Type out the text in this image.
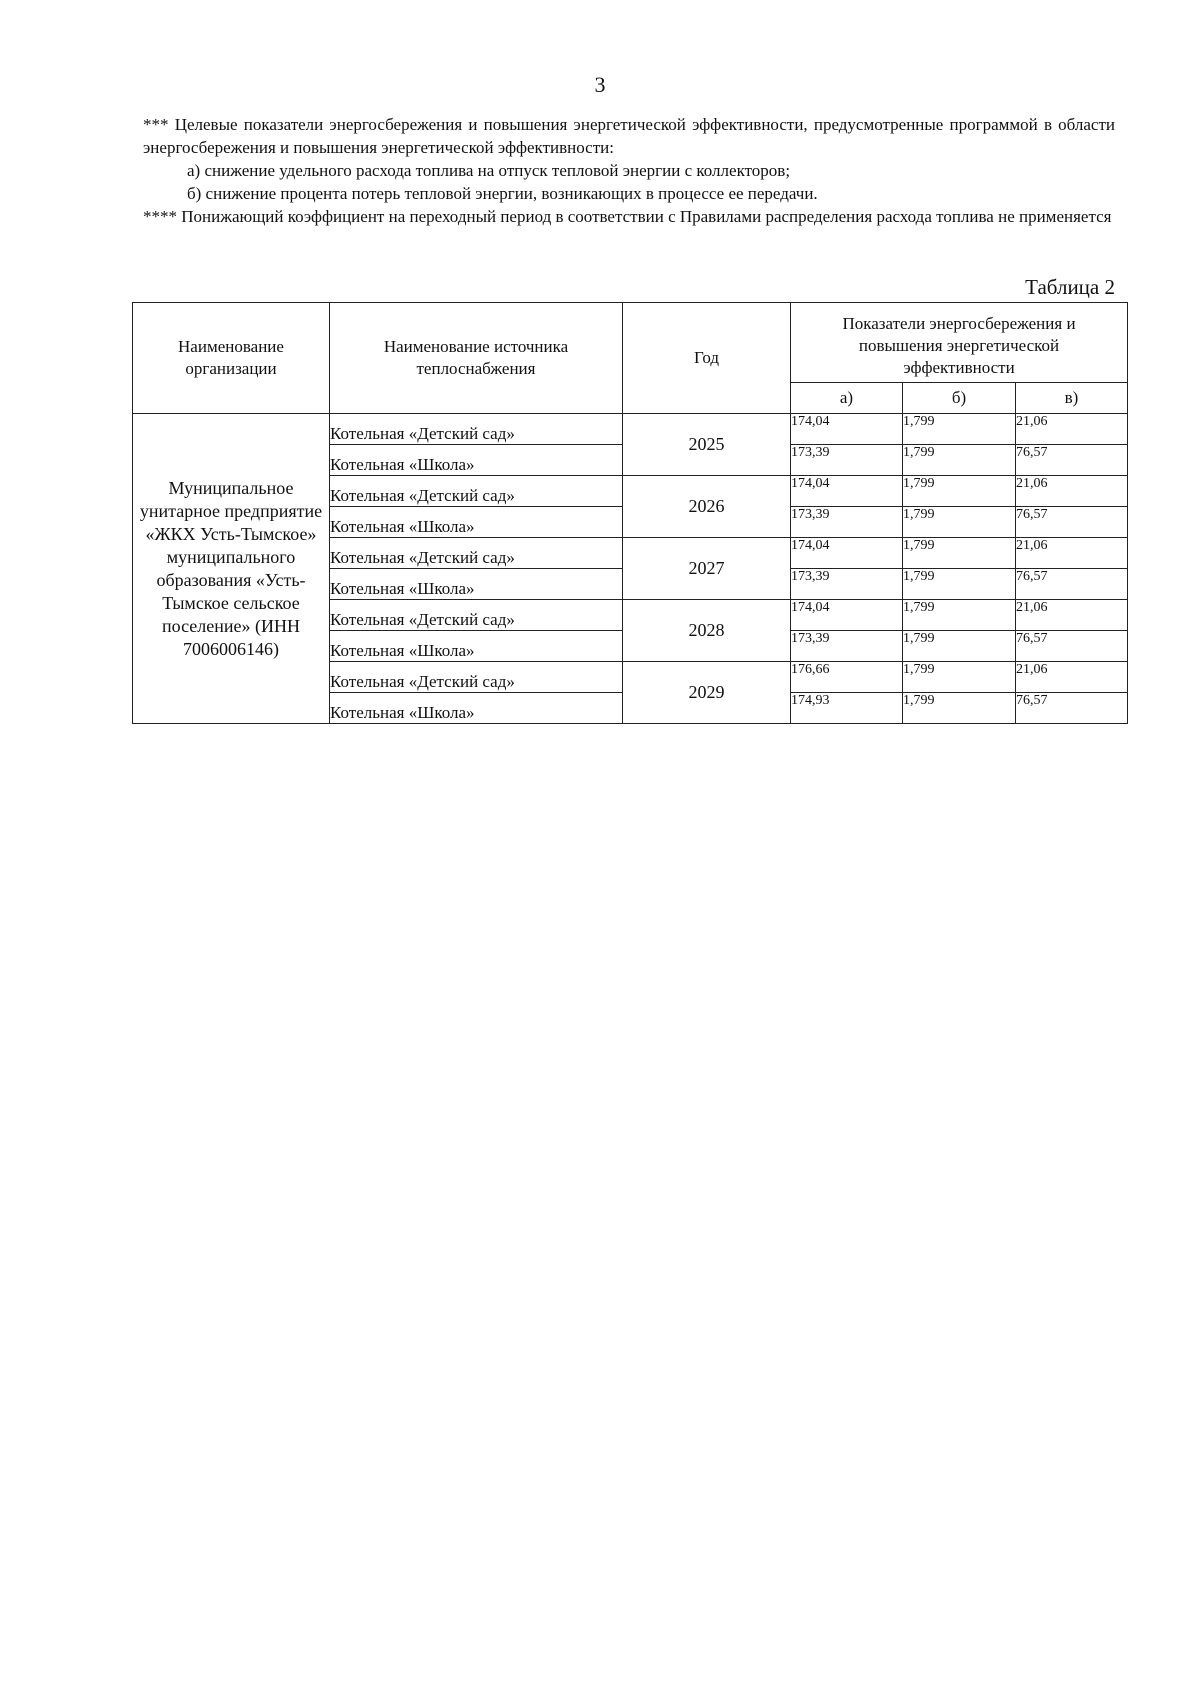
3

*** Целевые показатели энергосбережения и повышения энергетической эффективности, предусмотренные программой в области энергосбережения и повышения энергетической эффективности:

а) снижение удельного расхода топлива на отпуск тепловой энергии с коллекторов;

б) снижение процента потерь тепловой энергии, возникающих в процессе ее передачи.

**** Понижающий коэффициент на переходный период в соответствии с Правилами распределения расхода топлива не применяется

Таблица 2
Наименование организации	Наименование источника теплоснабжения	Год	Показатели энергосбережения и повышения энергетической эффективности		
			а)	б)	в)
Муниципальное унитарное предприятие «ЖКХ Усть-Тымское» муниципального образования «Усть-Тымское сельское поселение» (ИНН 7006006146)	Котельная «Детский сад»	2025	174,04	1,799	21,06
	Котельная «Школа»		173,39	1,799	76,57
	Котельная «Детский сад»	2026	174,04	1,799	21,06
	Котельная «Школа»		173,39	1,799	76,57
	Котельная «Детский сад»	2027	174,04	1,799	21,06
	Котельная «Школа»		173,39	1,799	76,57
	Котельная «Детский сад»	2028	174,04	1,799	21,06
	Котельная «Школа»		173,39	1,799	76,57
	Котельная «Детский сад»	2029	176,66	1,799	21,06
	Котельная «Школа»		174,93	1,799	76,57
